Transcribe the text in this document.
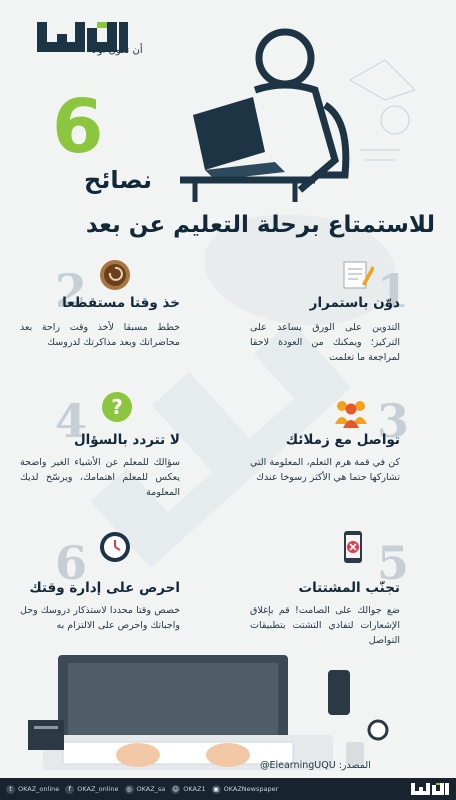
أن تكون أولاً
6
نصائح
للاستمتاع برحلة التعليم عن بعد
1
دوّن باستمرار
التدوين على الورق يساعد على التركيز؛ ويمكنك من العودة لاحقا لمراجعة ما تعلمت
2
خذ وقتا مستقطعا
خطط مسبقا لأخذ وقت راحة بعد محاضراتك وبعد مذاكرتك لدروسك
3
تواصل مع زملائك
كن في قمة هرم التعلم، المعلومة التي تشاركها حتما هي الأكثر رسوخا عندك
4 ?
لا تتردد بالسؤال
سؤالك للمعلم عن الأشياء الغير واضحة يعكس للمعلم اهتمامك، ويرسّخ لديك المعلومة
5
تجنّب المشتتات
ضع جوالك على الصامت! قم بإغلاق الإشعارات لتفادي التشتت بتطبيقات التواصل
6
احرص على إدارة وقتك
خصص وقتا محددا لاستذكار دروسك وحل واجباتك واحرص على الالتزام به
المصدر: ElearningUQU@
t OKAZ_online	f OKAZ_online	◎ OKAZ_sa ☺ OKAZ1 ▣ OKAZNewspaper
